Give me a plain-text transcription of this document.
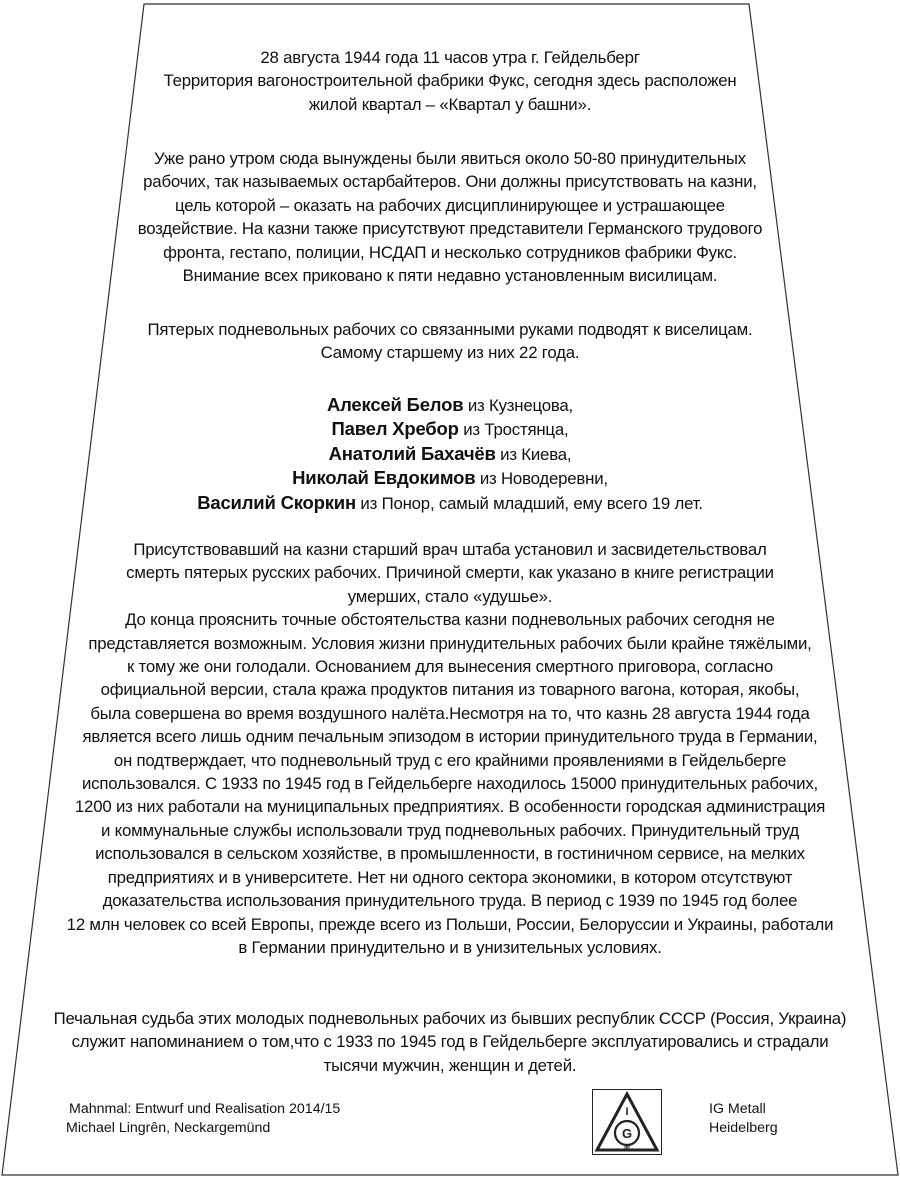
28 августа 1944 года 11 часов утра г. Гейдельберг
Территория вагоностроительной фабрики Фукс, сегодня здесь расположен
жилой квартал – «Квартал у башни».
Уже рано утром сюда вынуждены были явиться около 50-80 принудительных
рабочих, так называемых остарбайтеров. Они должны присутствовать на казни,
цель которой – оказать на рабочих дисциплинирующее и устрашающее
воздействие. На казни также присутствуют представители Германского трудового
фронта, гестапо, полиции, НСДАП и несколько сотрудников фабрики Фукс.
Внимание всех приковано к пяти недавно установленным висилицам.
Пятерых подневольных рабочих со связанными руками подводят к виселицам.
Самому старшему из них 22 года.
Алексей Белов из Кузнецова,
Павел Хребор из Тростянца,
Анатолий Бахачёв из Киева,
Николай Евдокимов из Новодеревни,
Василий Скоркин из Понор, самый младший, ему всего 19 лет.
Присутствовавший на казни старший врач штаба установил и засвидетельствовал
смерть пятерых русских рабочих. Причиной смерти, как указано в книге регистрации
умерших, стало «удушье».
До конца прояснить точные обстоятельства казни подневольных рабочих сегодня не
представляется возможным. Условия жизни принудительных рабочих были крайне тяжёлыми,
к тому же они голодали. Основанием для вынесения смертного приговора, согласно
официальной версии, стала кража продуктов питания из товарного вагона, которая, якобы,
была совершена во время воздушного налёта.Несмотря на то, что казнь 28 августа 1944 года
является всего лишь одним печальным эпизодом в истории принудительного труда в Германии,
он подтверждает, что подневольный труд с его крайними проявлениями в Гейдельберге
использовался. С 1933 по 1945 год в Гейдельберге находилось 15000 принудительных рабочих,
1200 из них работали на муниципальных предприятиях. В особенности городская администрация
и коммунальные службы использовали труд подневольных рабочих. Принудительный труд
использовался в сельском хозяйстве, в промышленности, в гостиничном сервисе, на мелких
предприятиях и в университете. Нет ни одного сектора экономики, в котором отсутствуют
доказательства использования принудительного труда. В период с 1939 по 1945 год более
12 млн человек со всей Европы, прежде всего из Польши, России, Белоруссии и Украины, работали
в Германии принудительно и в унизительных условиях.
Печальная судьба этих молодых подневольных рабочих из бывших республик СССР (Россия, Украина)
служит напоминанием о том,что с 1933 по 1945 год в Гейдельберге эксплуатировались и страдали
тысячи мужчин, женщин и детей.
Mahnmal: Entwurf und Realisation 2014/15
Michael Lingrên, Neckargemünd
I
G
M
IG Metall
Heidelberg
